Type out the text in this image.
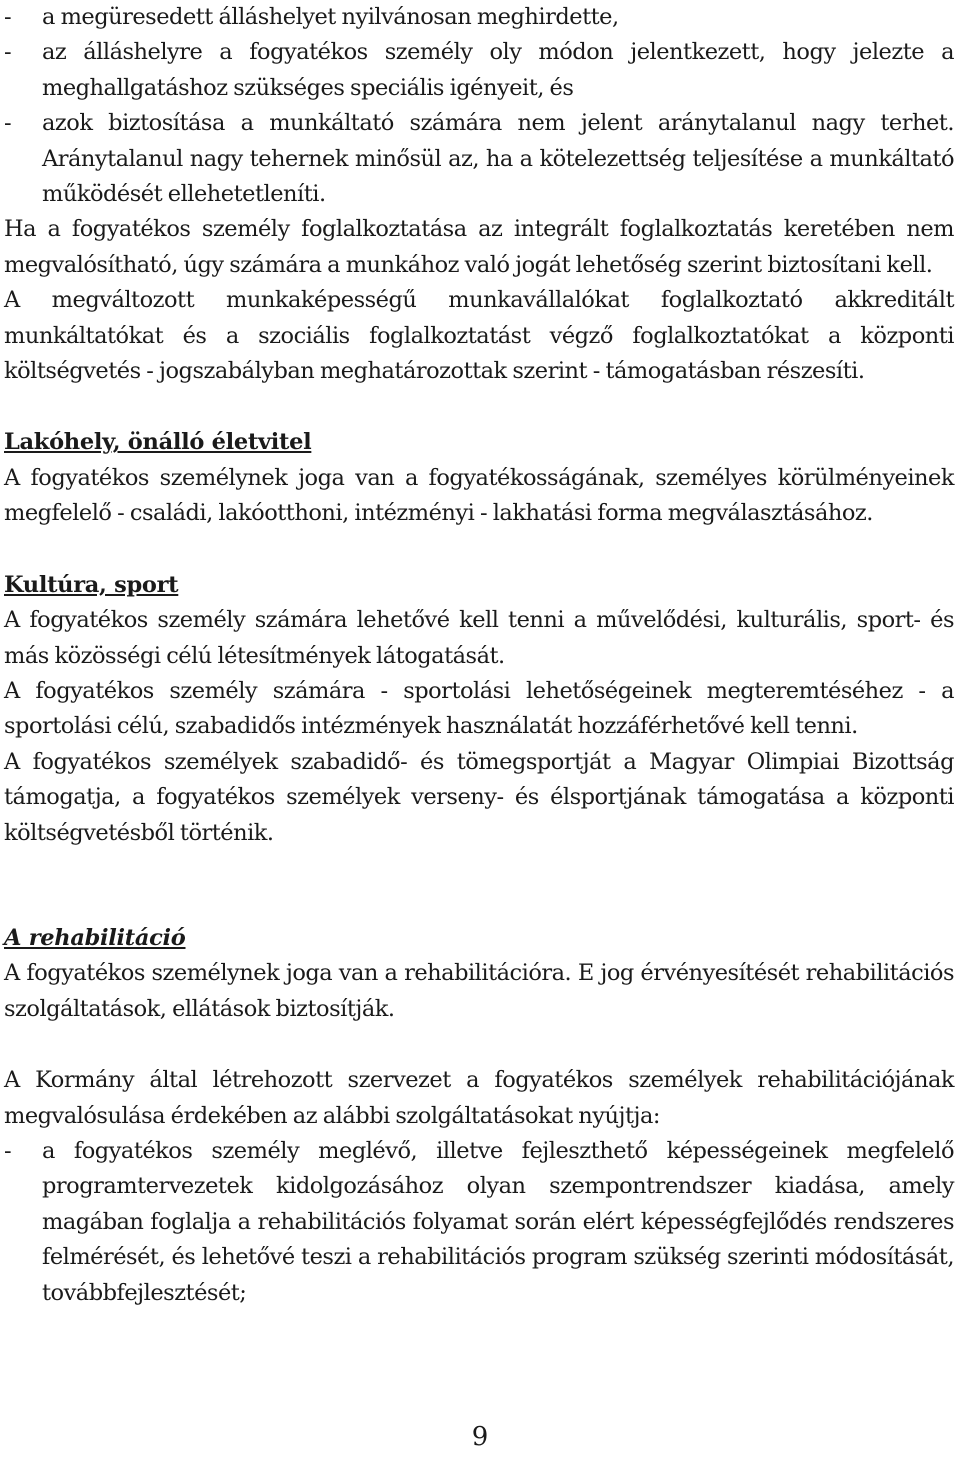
-	a megüresedett álláshelyet nyilvánosan meghirdette,

-	az álláshelyre a fogyatékos személy oly módon jelentkezett, hogy jelezte a meghallgatáshoz szükséges speciális igényeit, és

-	azok biztosítása a munkáltató számára nem jelent aránytalanul nagy terhet. Aránytalanul nagy tehernek minősül az, ha a kötelezettség teljesítése a munkáltató működését ellehetetleníti.

Ha a fogyatékos személy foglalkoztatása az integrált foglalkoztatás keretében nem megvalósítható, úgy számára a munkához való jogát lehetőség szerint biztosítani kell.

A megváltozott munkaképességű munkavállalókat foglalkoztató akkreditált munkáltatókat és a szociális foglalkoztatást végző foglalkoztatókat a központi költségvetés - jogszabályban meghatározottak szerint - támogatásban részesíti.

Lakóhely, önálló életvitel

A fogyatékos személynek joga van a fogyatékosságának, személyes körülményeinek megfelelő - családi, lakóotthoni, intézményi - lakhatási forma megválasztásához.

Kultúra, sport

A fogyatékos személy számára lehetővé kell tenni a művelődési, kulturális, sport- és más közösségi célú létesítmények látogatását.

A fogyatékos személy számára - sportolási lehetőségeinek megteremtéséhez - a sportolási célú, szabadidős intézmények használatát hozzáférhetővé kell tenni.

A fogyatékos személyek szabadidő- és tömegsportját a Magyar Olimpiai Bizottság támogatja, a fogyatékos személyek verseny- és élsportjának támogatása a központi költségvetésből történik.

A rehabilitáció

A fogyatékos személynek joga van a rehabilitációra. E jog érvényesítését rehabilitációs szolgáltatások, ellátások biztosítják.

A Kormány által létrehozott szervezet a fogyatékos személyek rehabilitációjának megvalósulása érdekében az alábbi szolgáltatásokat nyújtja:

-	a fogyatékos személy meglévő, illetve fejleszthető képességeinek megfelelő programtervezetek kidolgozásához olyan szempontrendszer kiadása, amely magában foglalja a rehabilitációs folyamat során elért képességfejlődés rendszeres felmérését, és lehetővé teszi a rehabilitációs program szükség szerinti módosítását, továbbfejlesztését;

9
